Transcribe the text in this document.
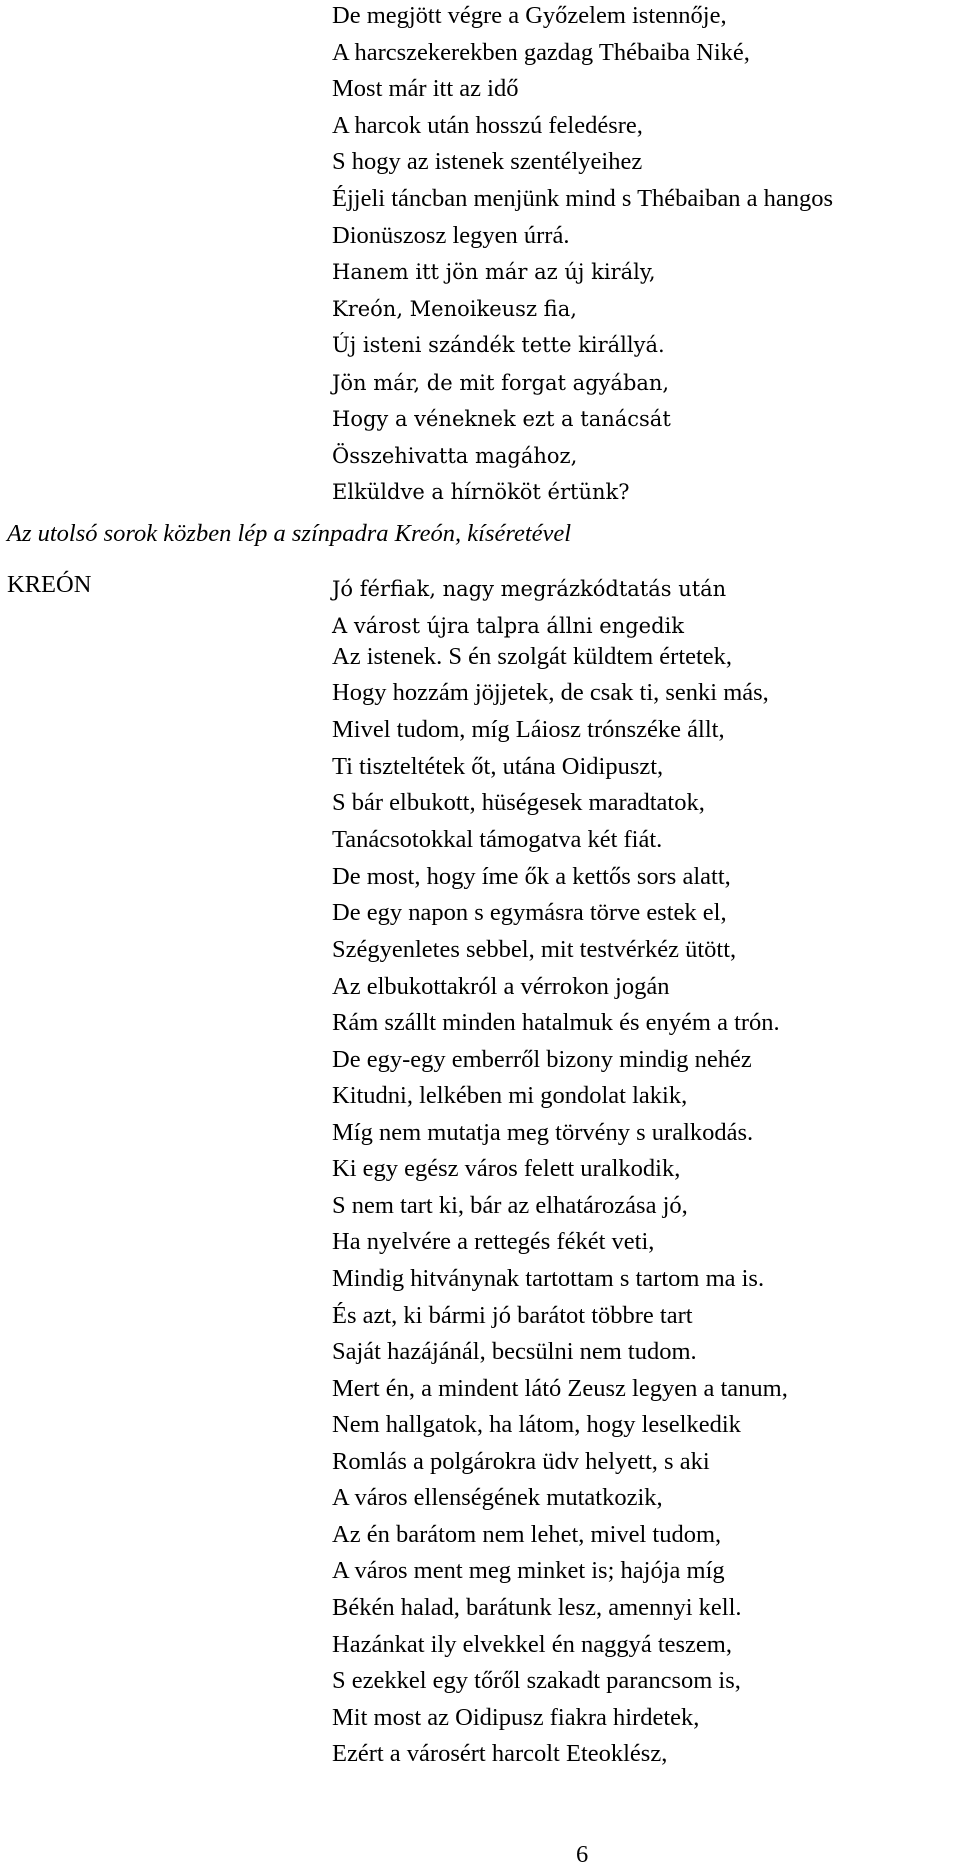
De megjött végre a Győzelem istennője,
A harcszekerekben gazdag Thébaiba Niké,
Most már itt az idő
A harcok után hosszú feledésre,
S hogy az istenek szentélyeihez
Éjjeli táncban menjünk mind s Thébaiban a hangos
Dionüszosz legyen úrrá.
Hanem itt jön már az új király,
Kreón, Menoikeusz fia,
Új isteni szándék tette királlyá.
Jön már, de mit forgat agyában,
Hogy a véneknek ezt a tanácsát
Összehivatta magához,
Elküldve a hírnököt értünk?
Az utolsó sorok közben lép a színpadra Kreón, kíséretével
KREÓN	Jó férfiak, nagy megrázkódtatás után
A várost újra talpra állni engedik
Az istenek. S én szolgát küldtem értetek,
Hogy hozzám jöjjetek, de csak ti, senki más,
Mivel tudom, míg Láiosz trónszéke állt,
Ti tiszteltétek őt, utána Oidipuszt,
S bár elbukott, hüségesek maradtatok,
Tanácsotokkal támogatva két fiát.
De most, hogy íme ők a kettős sors alatt,
De egy napon s egymásra törve estek el,
Szégyenletes sebbel, mit testvérkéz ütött,
Az elbukottakról a vérrokon jogán
Rám szállt minden hatalmuk és enyém a trón.
De egy-egy emberről bizony mindig nehéz
Kitudni, lelkében mi gondolat lakik,
Míg nem mutatja meg törvény s uralkodás.
Ki egy egész város felett uralkodik,
S nem tart ki, bár az elhatározása jó,
Ha nyelvére a rettegés fékét veti,
Mindig hitványnak tartottam s tartom ma is.
És azt, ki bármi jó barátot többre tart
Saját hazájánál, becsülni nem tudom.
Mert én, a mindent látó Zeusz legyen a tanum,
Nem hallgatok, ha látom, hogy leselkedik
Romlás a polgárokra üdv helyett, s aki
A város ellenségének mutatkozik,
Az én barátom nem lehet, mivel tudom,
A város ment meg minket is; hajója míg
Békén halad, barátunk lesz, amennyi kell.
Hazánkat ily elvekkel én naggyá teszem,
S ezekkel egy tőről szakadt parancsom is,
Mit most az Oidipusz fiakra hirdetek,
Ezért a városért harcolt Eteoklész,
6
